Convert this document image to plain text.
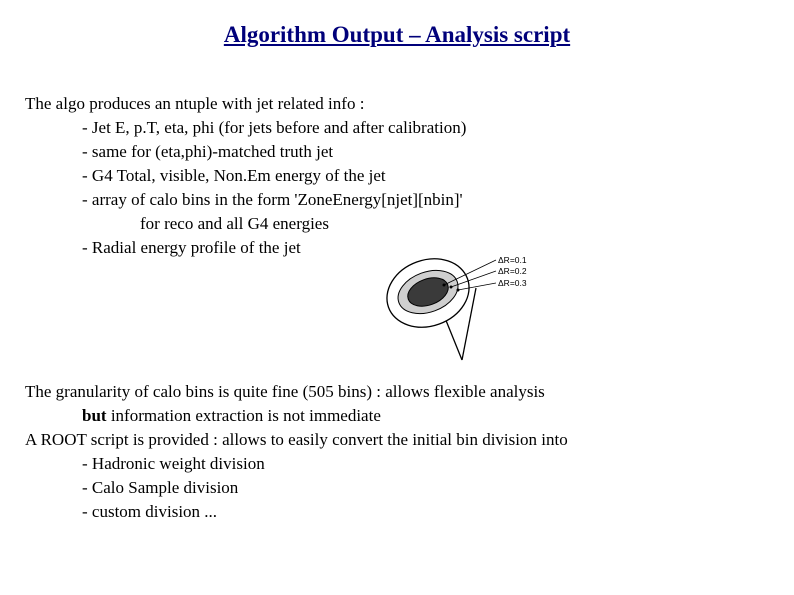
Algorithm Output – Analysis script
The algo produces an ntuple with jet related info :
- Jet E, p.T, eta, phi (for jets before and after calibration)
- same for (eta,phi)-matched truth jet
- G4 Total, visible, Non.Em energy of the jet
- array of calo bins in the form 'ZoneEnergy[njet][nbin]'
for reco and all G4 energies
- Radial energy profile of the jet
ΔR=0.1
ΔR=0.2
ΔR=0.3
The granularity of calo bins is quite fine (505 bins) : allows flexible analysis
but information extraction is not immediate
A ROOT script is provided : allows to easily convert the initial bin division into
- Hadronic weight division
- Calo Sample division
- custom division ...
